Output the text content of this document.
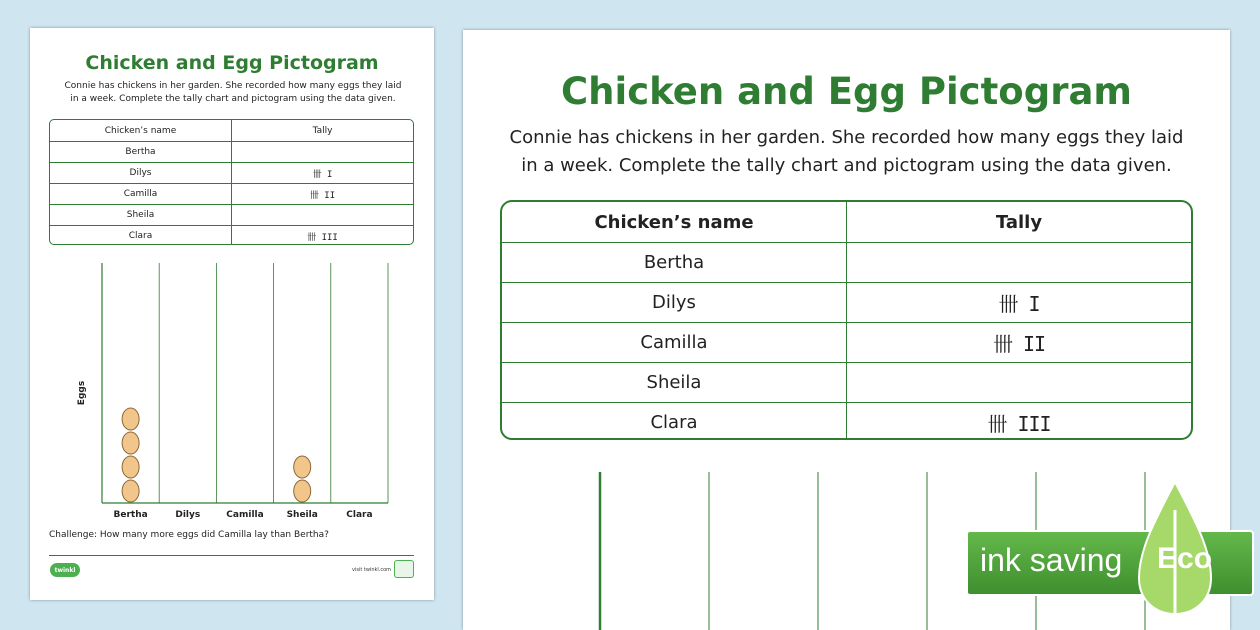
Chicken and Egg Pictogram
Connie has chickens in her garden. She recorded how many eggs they laid
in a week. Complete the tally chart and pictogram using the data given.
Chicken’s name	Tally
Bertha
Dilys	卌 I
Camilla	卌 II
Sheila
Clara	卌 III
Eggs
Bertha	Dilys	Camilla	Sheila	Clara
Challenge: How many more eggs did Camilla lay than Bertha?
twinkl	visit twinkl.com
Chicken and Egg Pictogram
Connie has chickens in her garden. She recorded how many eggs they laid
in a week. Complete the tally chart and pictogram using the data given.
Chicken’s name	Tally
Bertha
Dilys	卌 I
Camilla	卌 II
Sheila
Clara	卌 III
ink saving Eco
